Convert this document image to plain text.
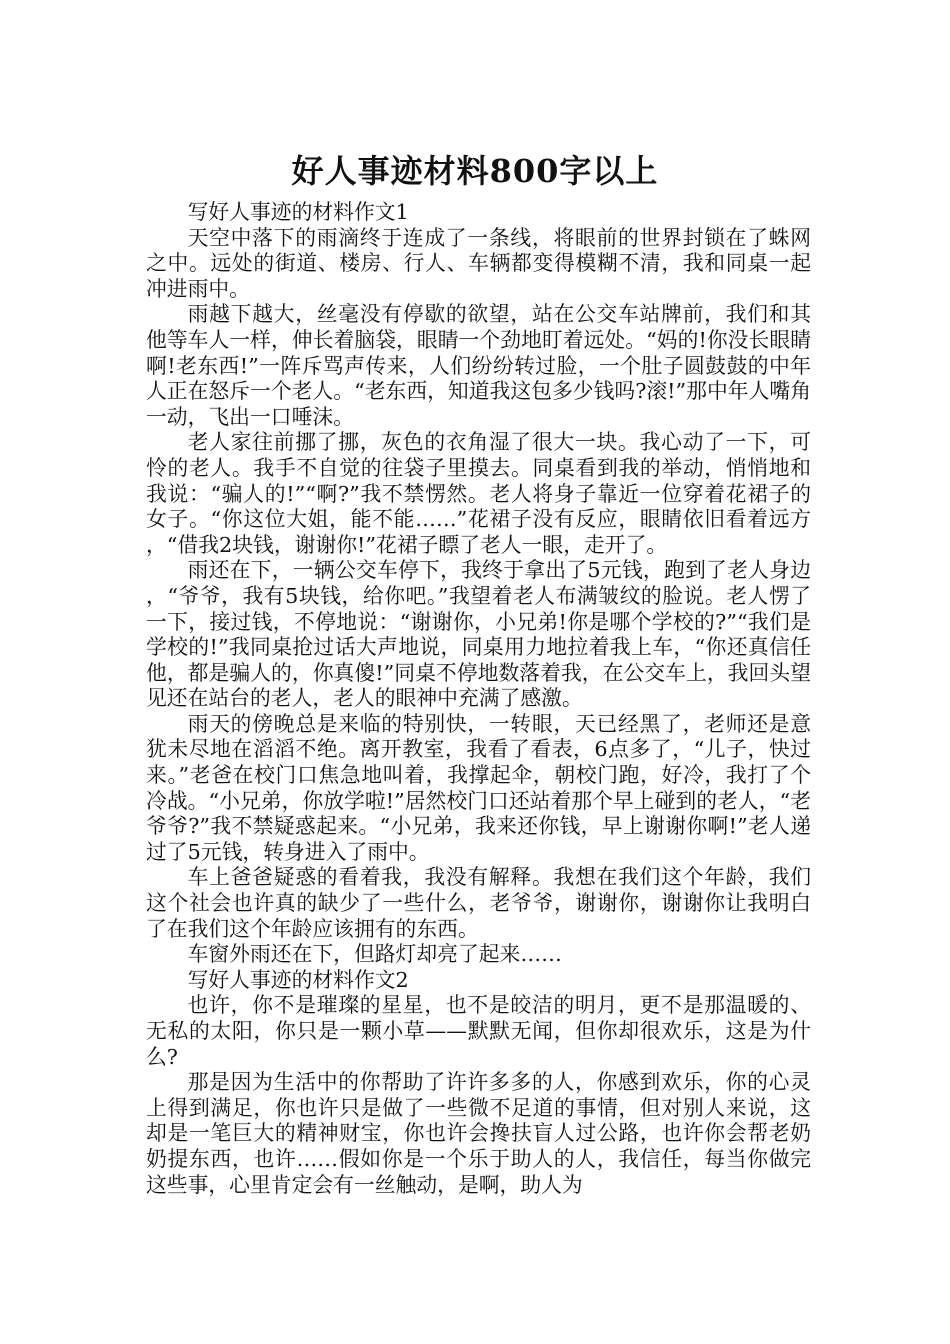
好人事迹材料800字以上

写好人事迹的材料作文1

天空中落下的雨滴终于连成了一条线，将眼前的世界封锁在了蛛网之中。远处的街道、楼房、行人、车辆都变得模糊不清，我和同桌一起冲进雨中。

雨越下越大，丝毫没有停歇的欲望，站在公交车站牌前，我们和其他等车人一样，伸长着脑袋，眼睛一个劲地盯着远处。“妈的!你没长眼睛啊!老东西!”一阵斥骂声传来，人们纷纷转过脸，一个肚子圆鼓鼓的中年人正在怒斥一个老人。“老东西，知道我这包多少钱吗?滚!”那中年人嘴角一动，飞出一口唾沫。

老人家往前挪了挪，灰色的衣角湿了很大一块。我心动了一下，可怜的老人。我手不自觉的往袋子里摸去。同桌看到我的举动，悄悄地和我说：“骗人的!”“啊?”我不禁愣然。老人将身子靠近一位穿着花裙子的女子。“你这位大姐，能不能……”花裙子没有反应，眼睛依旧看着远方，“借我2块钱，谢谢你!”花裙子瞟了老人一眼，走开了。

雨还在下，一辆公交车停下，我终于拿出了5元钱，跑到了老人身边，“爷爷，我有5块钱，给你吧。”我望着老人布满皱纹的脸说。老人愣了一下，接过钱，不停地说：“谢谢你，小兄弟!你是哪个学校的?”“我们是学校的!”我同桌抢过话大声地说，同桌用力地拉着我上车，“你还真信任他，都是骗人的，你真傻!”同桌不停地数落着我，在公交车上，我回头望见还在站台的老人，老人的眼神中充满了感激。

雨天的傍晚总是来临的特别快，一转眼，天已经黑了，老师还是意犹未尽地在滔滔不绝。离开教室，我看了看表，6点多了，“儿子，快过来。”老爸在校门口焦急地叫着，我撑起伞，朝校门跑，好冷，我打了个冷战。“小兄弟，你放学啦!”居然校门口还站着那个早上碰到的老人，“老爷爷?”我不禁疑惑起来。“小兄弟，我来还你钱，早上谢谢你啊!”老人递过了5元钱，转身进入了雨中。

车上爸爸疑惑的看着我，我没有解释。我想在我们这个年龄，我们这个社会也许真的缺少了一些什么，老爷爷，谢谢你，谢谢你让我明白了在我们这个年龄应该拥有的东西。

车窗外雨还在下，但路灯却亮了起来……

写好人事迹的材料作文2

也许，你不是璀璨的星星，也不是皎洁的明月，更不是那温暖的、无私的太阳，你只是一颗小草——默默无闻，但你却很欢乐，这是为什么?

那是因为生活中的你帮助了许许多多的人，你感到欢乐，你的心灵上得到满足，你也许只是做了一些微不足道的事情，但对别人来说，这却是一笔巨大的精神财宝，你也许会搀扶盲人过公路，也许你会帮老奶奶提东西，也许……假如你是一个乐于助人的人，我信任，每当你做完这些事，心里肯定会有一丝触动，是啊，助人为
